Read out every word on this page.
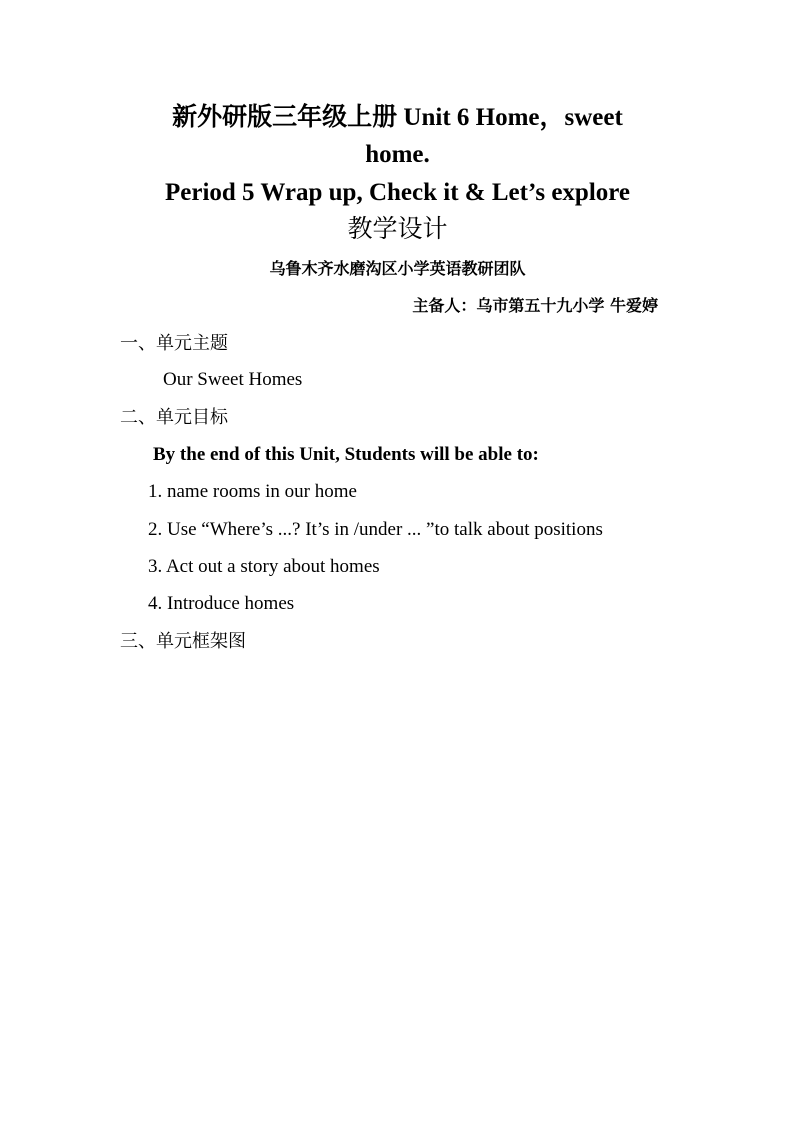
新外研版三年级上册 Unit 6 Home，sweet
home.
Period 5 Wrap up, Check it & Let’s explore
教学设计
乌鲁木齐水磨沟区小学英语教研团队
主备人：乌市第五十九小学 牛爱婷
一、单元主题
Our Sweet Homes
二、单元目标
By the end of this Unit, Students will be able to:
1. name rooms in our home
2. Use “Where’s ...? It’s in /under ... ”to talk about positions
3. Act out a story about homes
4. Introduce homes
三、单元框架图
